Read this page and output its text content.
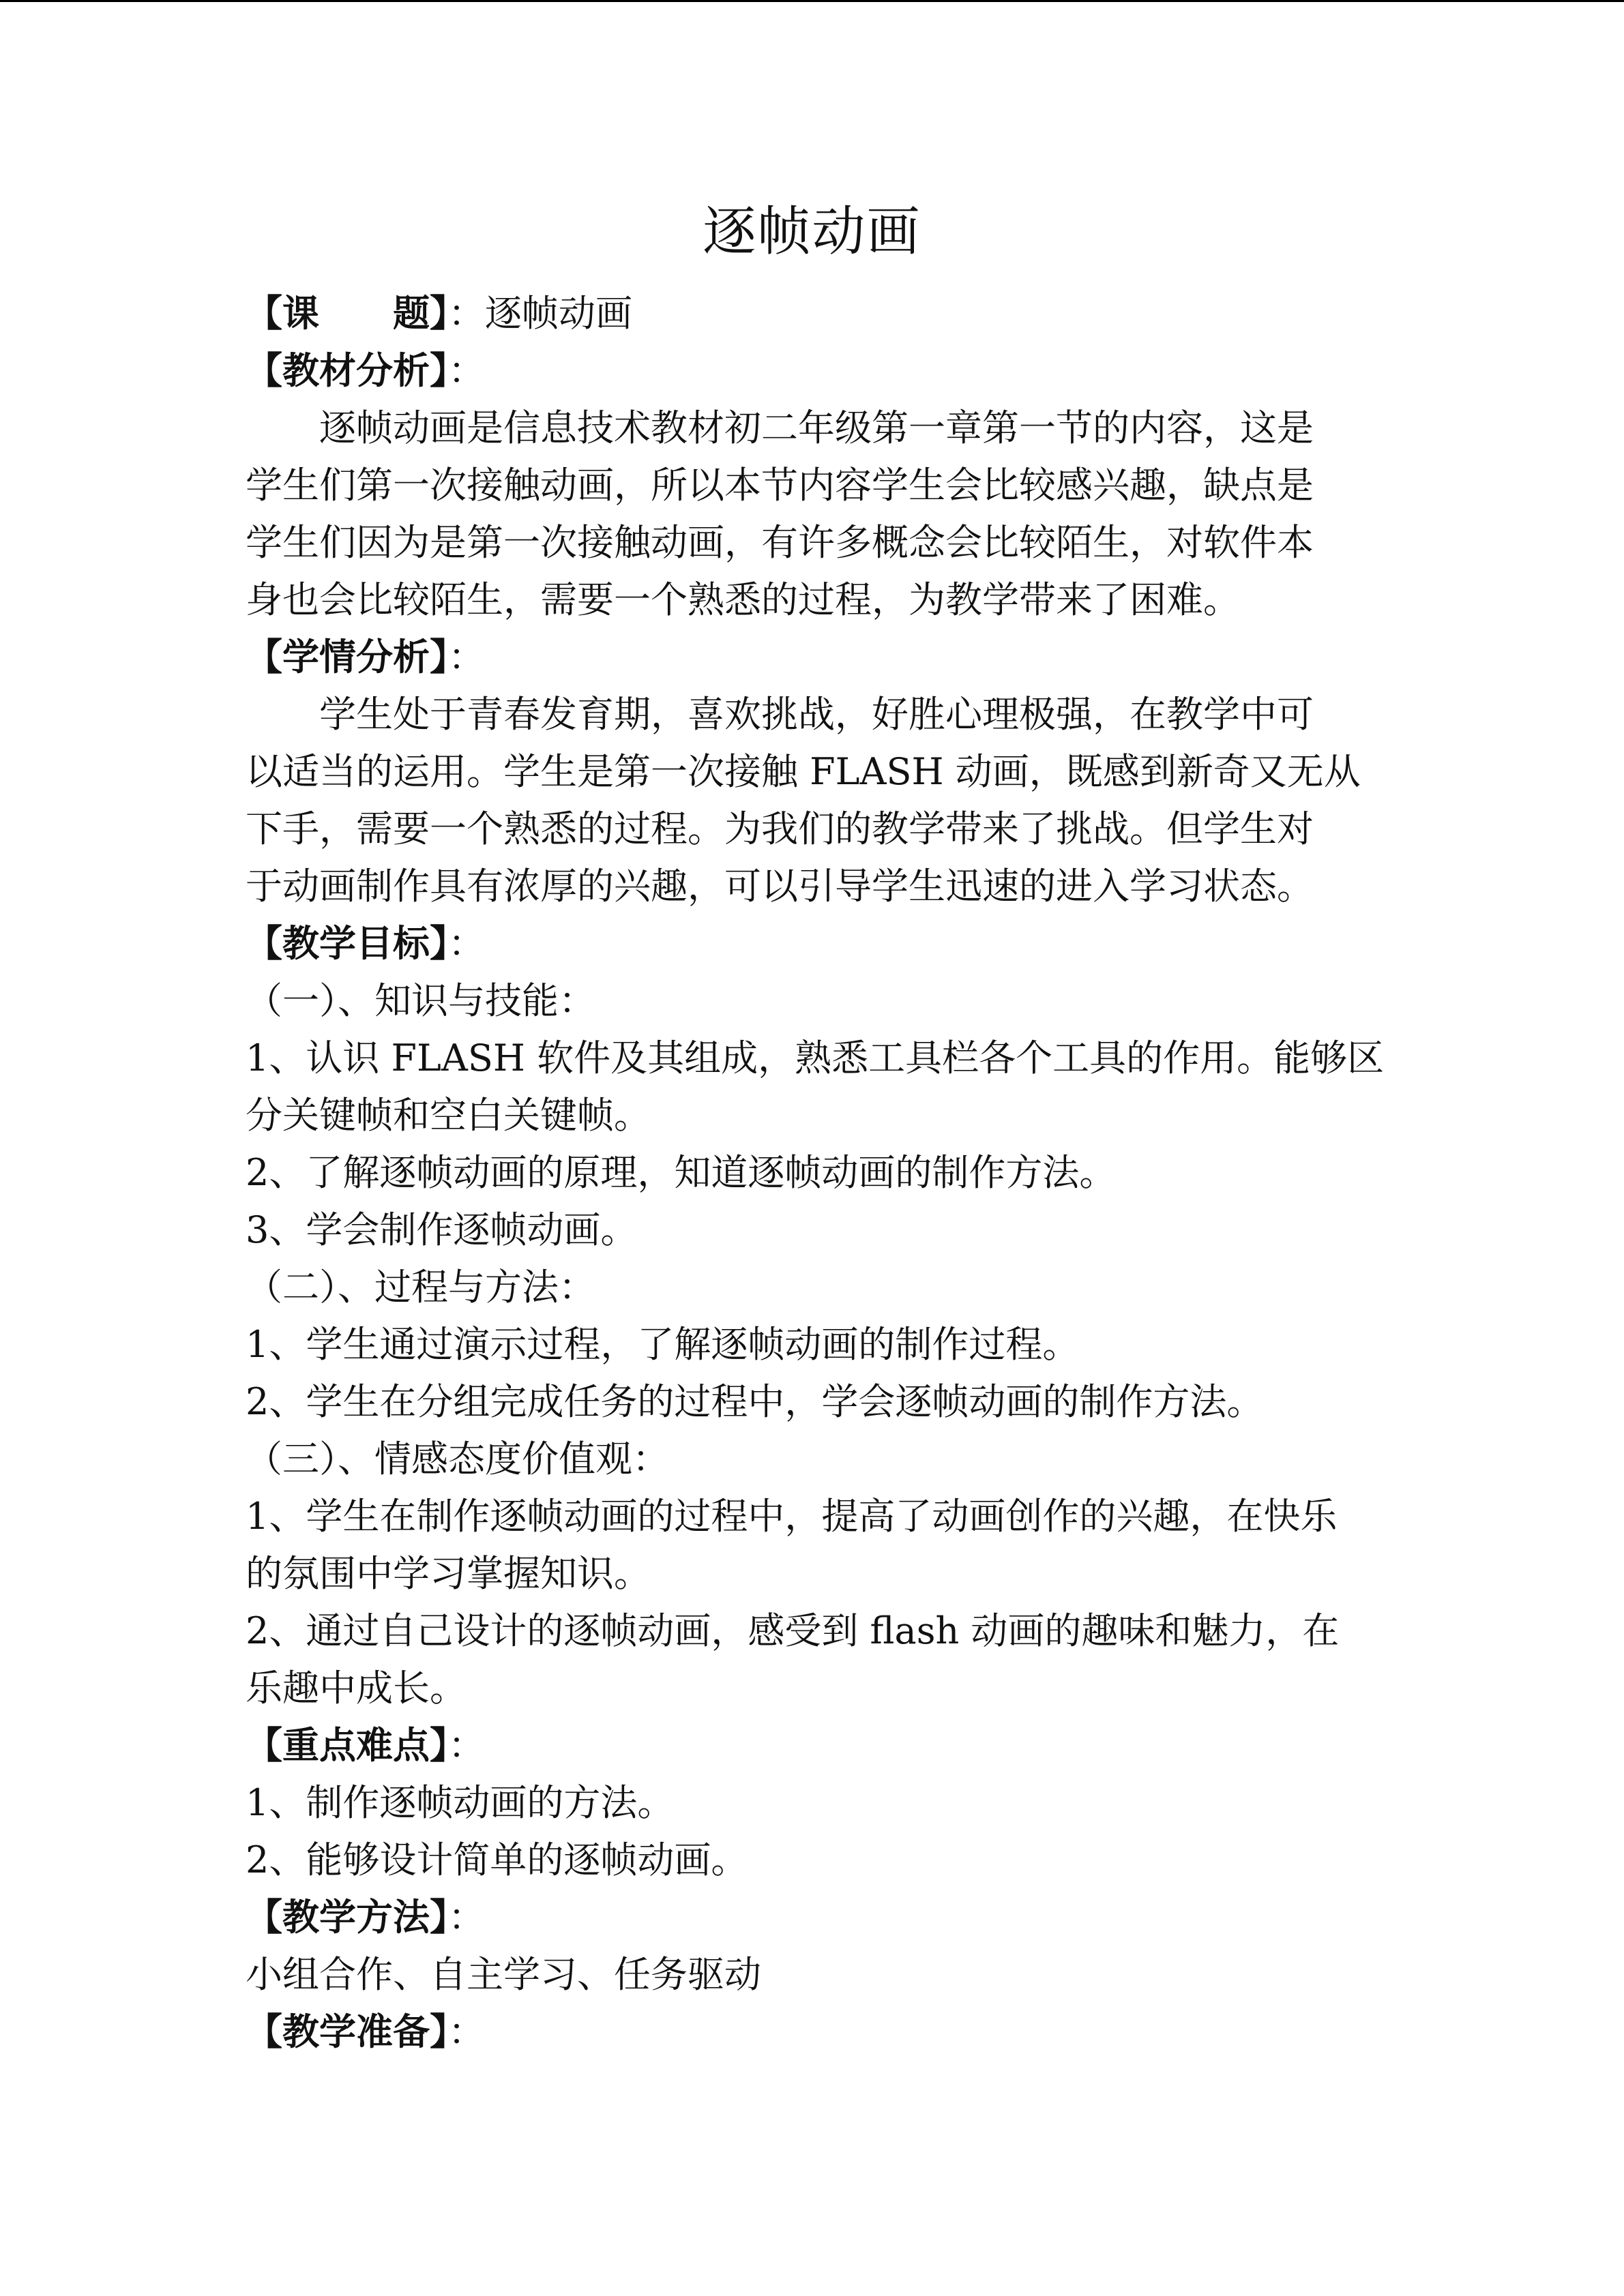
逐帧动画
【课　　题】：逐帧动画
【教材分析】：
逐帧动画是信息技术教材初二年级第一章第一节的内容，这是
学生们第一次接触动画，所以本节内容学生会比较感兴趣，缺点是
学生们因为是第一次接触动画，有许多概念会比较陌生，对软件本
身也会比较陌生，需要一个熟悉的过程，为教学带来了困难。
【学情分析】：
学生处于青春发育期，喜欢挑战，好胜心理极强，在教学中可
以适当的运用。学生是第一次接触 FLASH 动画，既感到新奇又无从
下手，需要一个熟悉的过程。为我们的教学带来了挑战。但学生对
于动画制作具有浓厚的兴趣，可以引导学生迅速的进入学习状态。
【教学目标】：
（一）、知识与技能：
1、认识 FLASH 软件及其组成，熟悉工具栏各个工具的作用。能够区
分关键帧和空白关键帧。
2、了解逐帧动画的原理，知道逐帧动画的制作方法。
3、学会制作逐帧动画。
（二）、过程与方法：
1、学生通过演示过程，了解逐帧动画的制作过程。
2、学生在分组完成任务的过程中，学会逐帧动画的制作方法。
（三）、情感态度价值观：
1、学生在制作逐帧动画的过程中，提高了动画创作的兴趣，在快乐
的氛围中学习掌握知识。
2、通过自己设计的逐帧动画，感受到 flash 动画的趣味和魅力，在
乐趣中成长。
【重点难点】：
1、制作逐帧动画的方法。
2、能够设计简单的逐帧动画。
【教学方法】：
小组合作、自主学习、任务驱动
【教学准备】：
